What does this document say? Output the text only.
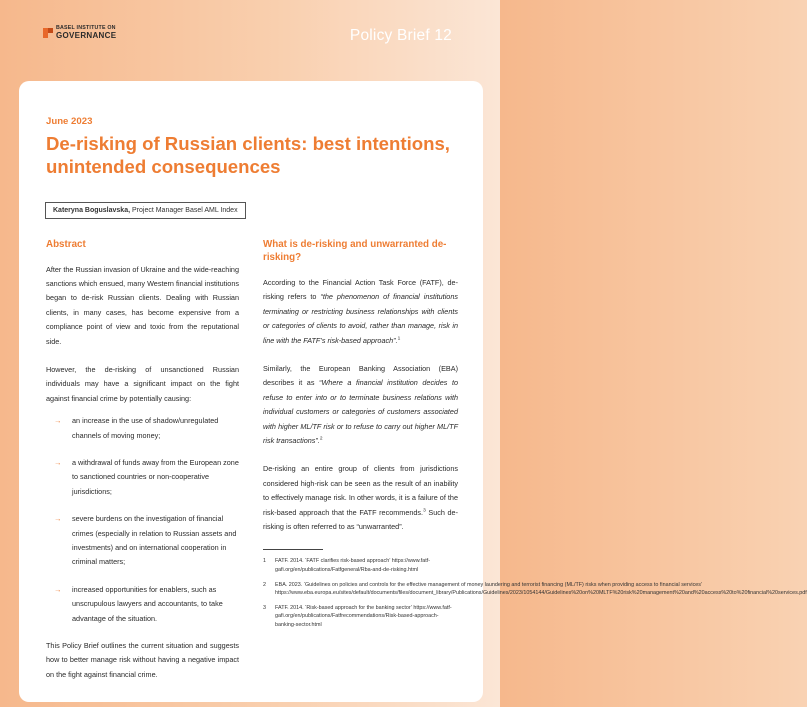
BASEL INSTITUTE ON
GOVERNANCE	Policy Brief 12
June 2023
De-risking of Russian clients: best intentions, unintended consequences
Kateryna Boguslavska, Project Manager Basel AML Index
Abstract
After the Russian invasion of Ukraine and the wide-reaching sanctions which ensued, many Western financial institutions began to de-risk Russian clients. Dealing with Russian clients, in many cases, has become expensive from a compliance point of view and toxic from the reputational side.
However, the de-risking of unsanctioned Russian individuals may have a significant impact on the fight against financial crime by potentially causing:
→	an increase in the use of shadow/unregulated channels of moving money;
→	a withdrawal of funds away from the European zone to sanctioned countries or non-cooperative jurisdictions;
→	severe burdens on the investigation of financial crimes (especially in relation to Russian assets and investments) and on international cooperation in criminal matters;
→	increased opportunities for enablers, such as unscrupulous lawyers and accountants, to take advantage of the situation.
This Policy Brief outlines the current situation and suggests how to better manage risk without having a negative impact on the fight against financial crime.
What is de-risking and unwarranted de-risking?
According to the Financial Action Task Force (FATF), de-risking refers to “the phenomenon of financial institutions terminating or restricting business relationships with clients or categories of clients to avoid, rather than manage, risk in line with the FATF’s risk-based approach”.$^1$
Similarly, the European Banking Association (EBA) describes it as “Where a financial institution decides to refuse to enter into or to terminate business relations with individual customers or categories of customers associated with higher ML/TF risk or to refuse to carry out higher ML/TF risk transactions”.$^2$
De-risking an entire group of clients from jurisdictions considered high-risk can be seen as the result of an inability to effectively manage risk. In other words, it is a failure of the risk-based approach that the FATF recommends.$^3$ Such de-risking is often referred to as “unwarranted”.
1	FATF. 2014. ‘FATF clarifies risk-based approach’ https://www.fatf-gafi.org/en/publications/Fatfgeneral/Rba-and-de-risking.html
2	EBA. 2023. ‘Guidelines on policies and controls for the effective management of money laundering and terrorist financing (ML/TF) risks when providing access to financial services’ https://www.eba.europa.eu/sites/default/documents/files/document_library/Publications/Guidelines/2023/1054144/Guidelines%20on%20MLTF%20risk%20management%20and%20access%20to%20financial%20services.pdf
3	FATF. 2014. ‘Risk-based approach for the banking sector’ https://www.fatf-gafi.org/en/publications/Fatfrecommendations/Risk-based-approach-banking-sector.html
